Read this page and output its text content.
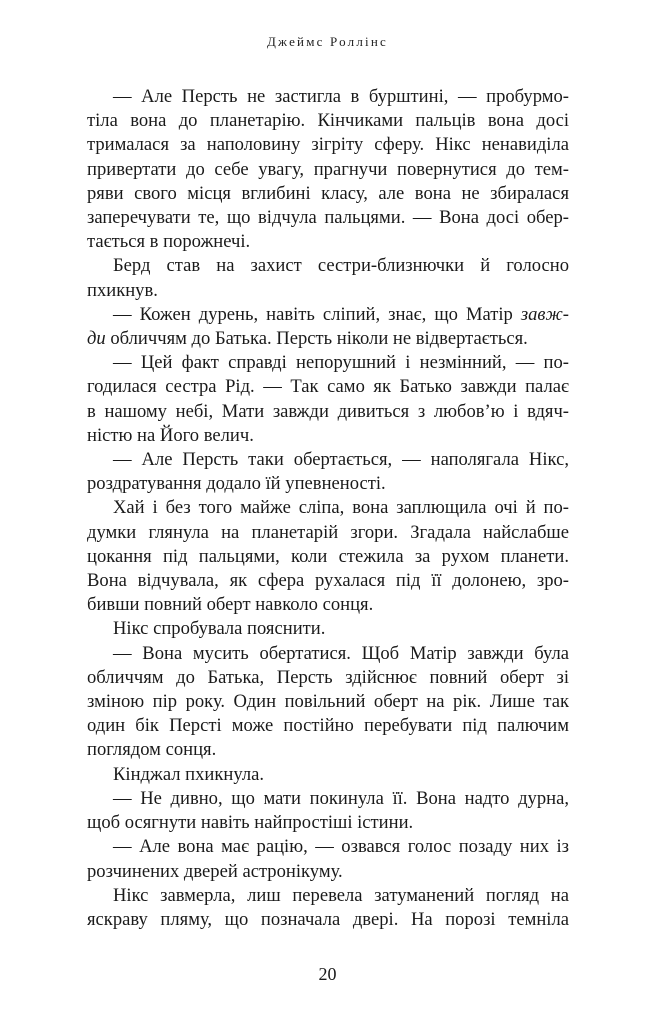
Джеймс Роллінс

— Але Персть не застигла в бурштині, — пробурмо-
тіла вона до планетарію. Кінчиками пальців вона досі
трималася за наполовину зігріту сферу. Нікс ненавиділа
привертати до себе увагу, прагнучи повернутися до тем-
ряви свого місця вглибині класу, але вона не збиралася
заперечувати те, що відчула пальцями. — Вона досі обер-
тається в порожнечі.

Берд став на захист сестри-близнючки й голосно
пхикнув.

— Кожен дурень, навіть сліпий, знає, що Матір завж-
ди обличчям до Батька. Персть ніколи не відвертається.

— Цей факт справді непорушний і незмінний, — по-
годилася сестра Рід. — Так само як Батько завжди палає
в нашому небі, Мати завжди дивиться з любов’ю і вдяч-
ністю на Його велич.

— Але Персть таки обертається, — наполягала Нікс,
роздратування додало їй упевненості.

Хай і без того майже сліпа, вона заплющила очі й по-
думки глянула на планетарій згори. Згадала найслабше
цокання під пальцями, коли стежила за рухом планети.
Вона відчувала, як сфера рухалася під її долонею, зро-
бивши повний оберт навколо сонця.

Нікс спробувала пояснити.

— Вона мусить обертатися. Щоб Матір завжди була
обличчям до Батька, Персть здійснює повний оберт зі
зміною пір року. Один повільний оберт на рік. Лише так
один бік Персті може постійно перебувати під палючим
поглядом сонця.

Кінджал пхикнула.

— Не дивно, що мати покинула її. Вона надто дурна,
щоб осягнути навіть найпростіші істини.

— Але вона має рацію, — озвався голос позаду них із
розчинених дверей астронікуму.

Нікс завмерла, лиш перевела затуманений погляд на
яскраву пляму, що позначала двері. На порозі темніла

20
